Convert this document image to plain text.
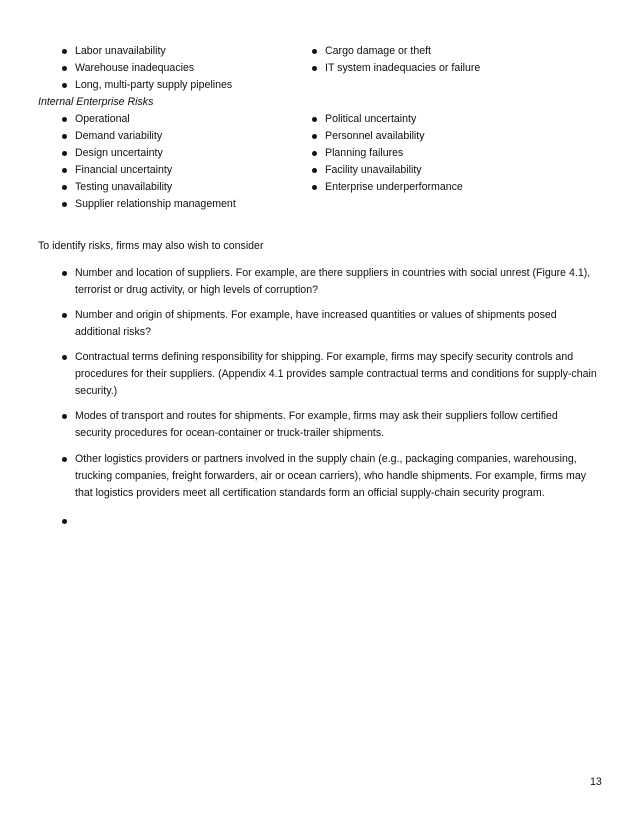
Labor unavailability
Warehouse inadequacies
Long, multi-party supply pipelines
Cargo damage or theft
IT system inadequacies or failure
Internal Enterprise Risks
Operational
Demand variability
Design uncertainty
Financial uncertainty
Testing unavailability
Supplier relationship management
Political uncertainty
Personnel availability
Planning failures
Facility unavailability
Enterprise underperformance
To identify risks, firms may also wish to consider
Number and location of suppliers. For example, are there suppliers in countries with social unrest (Figure 4.1),
terrorist or drug activity, or high levels of corruption?
Number and origin of shipments. For example, have increased quantities or values of shipments posed
additional risks?
Contractual terms defining responsibility for shipping. For example, firms may specify security controls and
procedures for their suppliers. (Appendix 4.1 provides sample contractual terms and conditions for supply-chain
security.)
Modes of transport and routes for shipments. For example, firms may ask their suppliers follow certified
security procedures for ocean-container or truck-trailer shipments.
Other logistics providers or partners involved in the supply chain (e.g., packaging companies, warehousing,
trucking companies, freight forwarders, air or ocean carriers), who handle shipments. For example, firms may
that logistics providers meet all certification standards form an official supply-chain security program.
13
